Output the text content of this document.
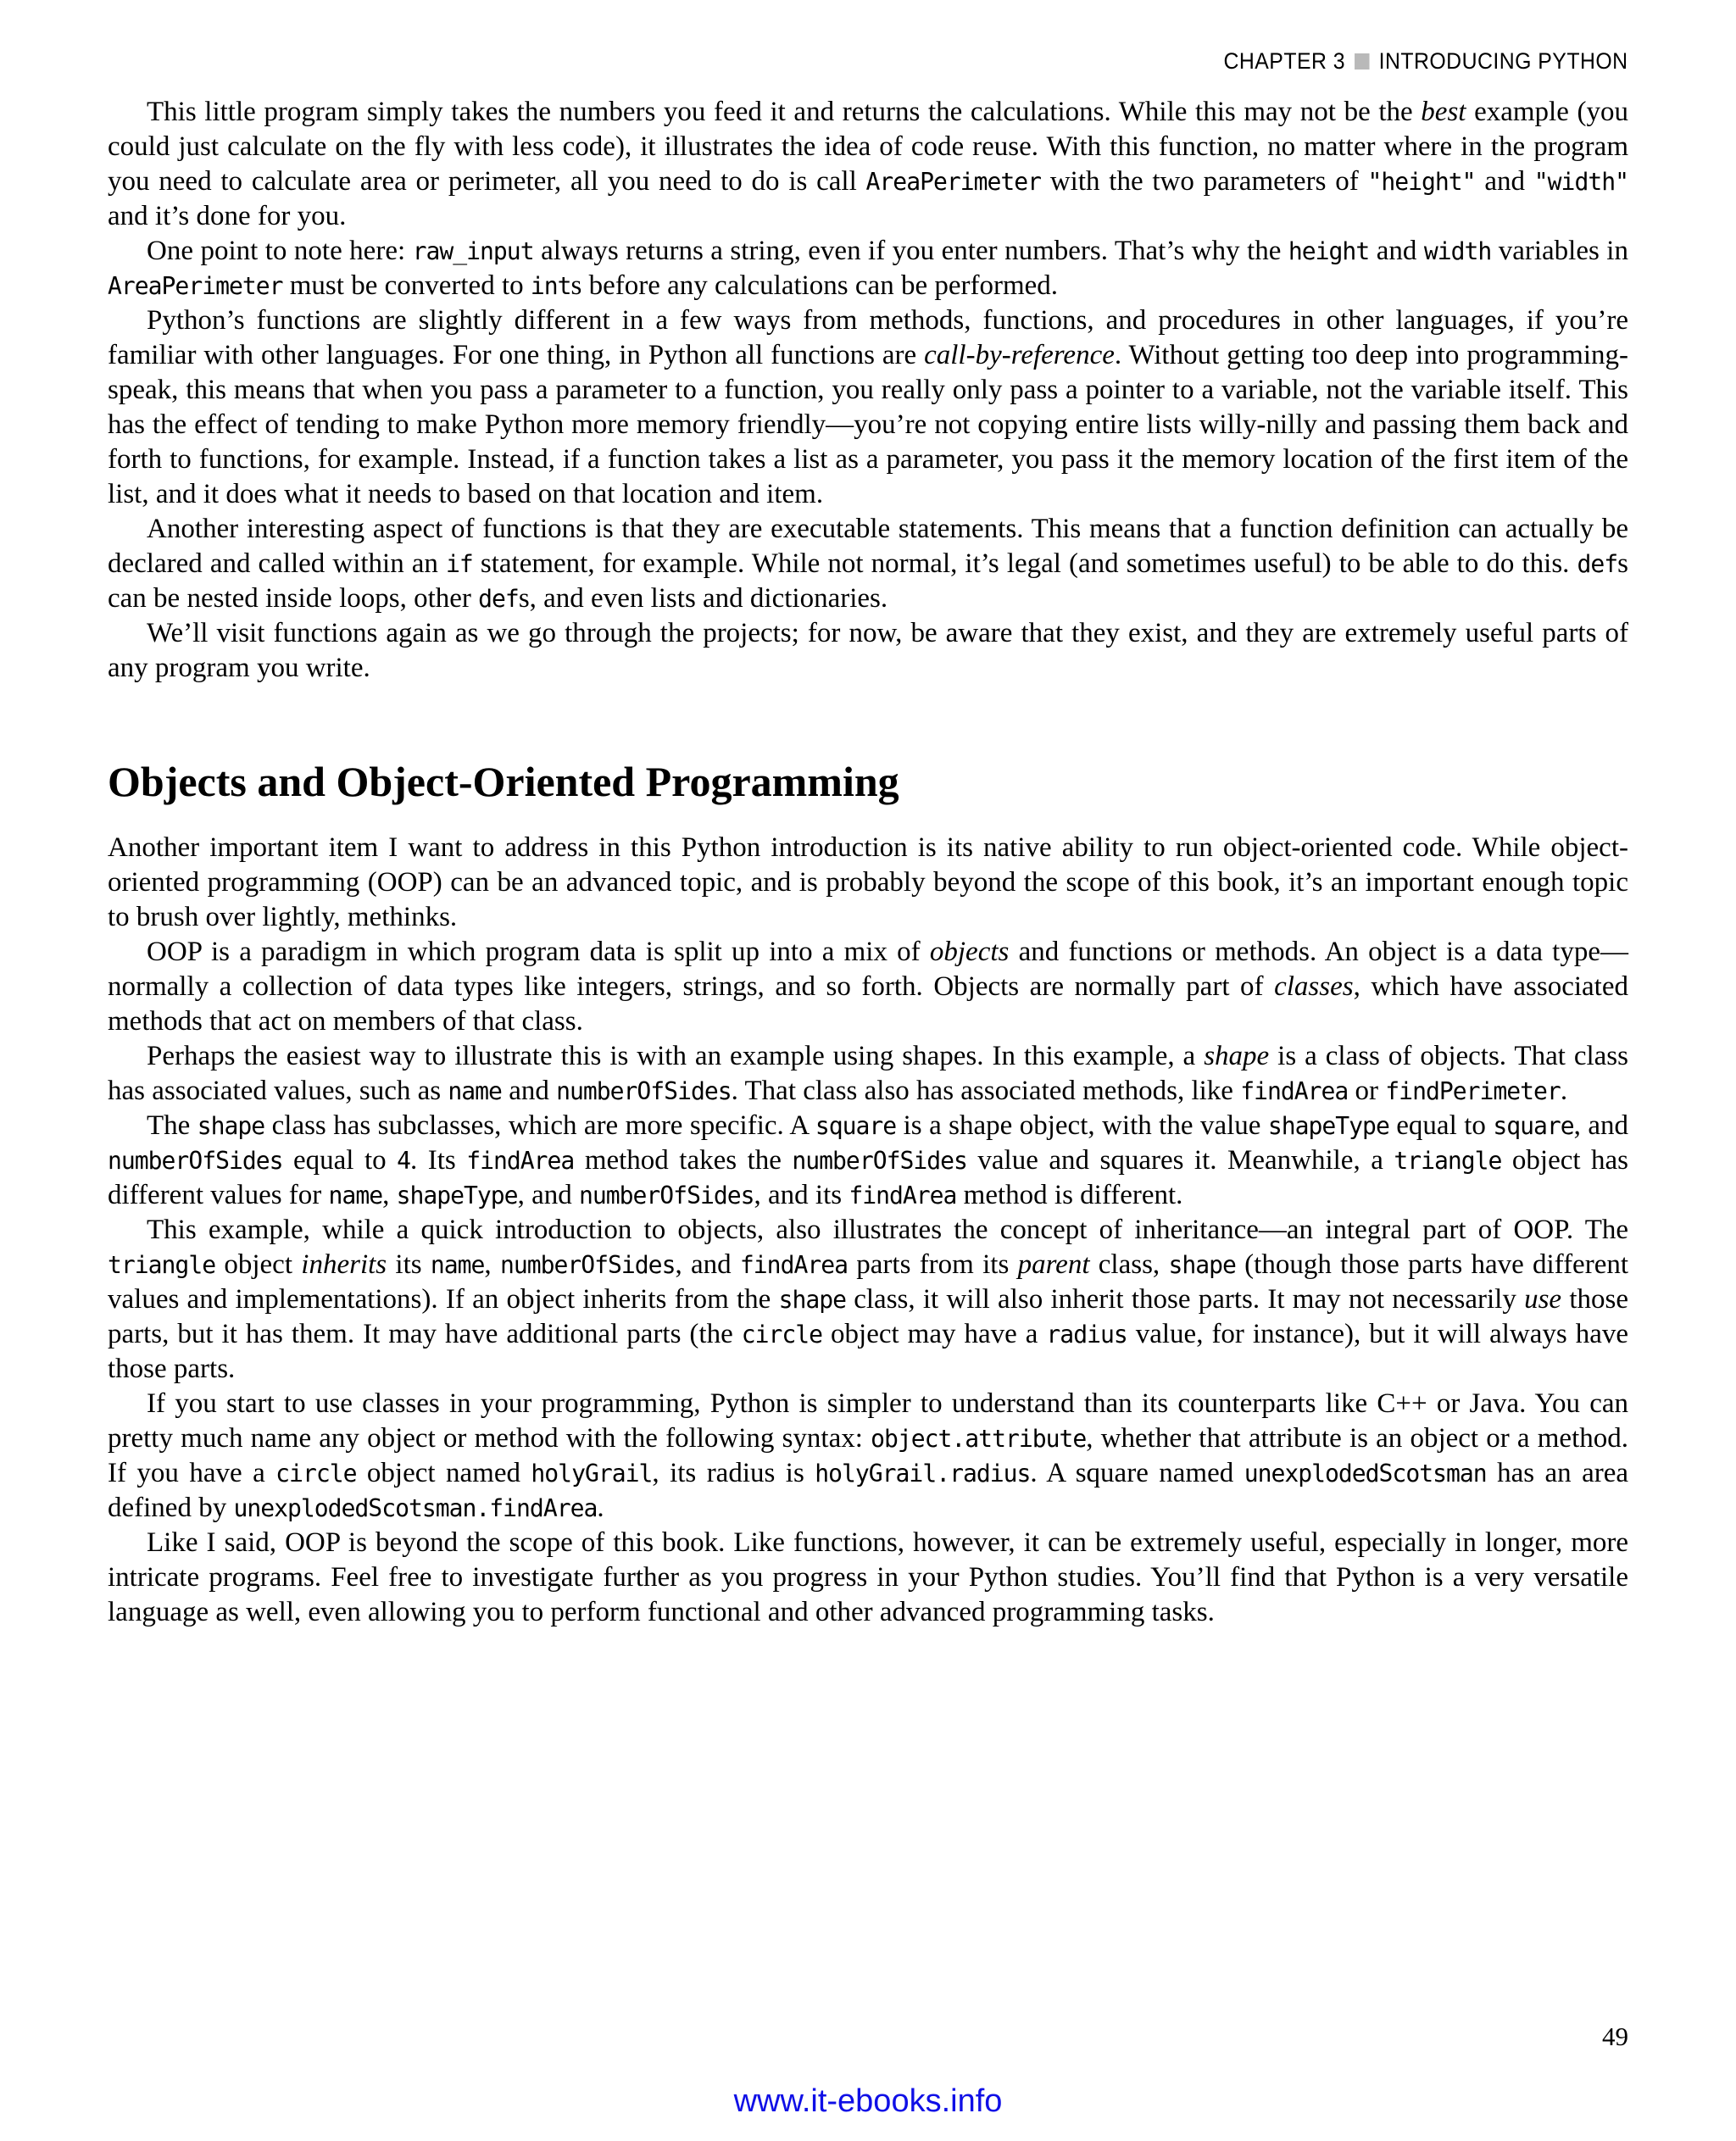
CHAPTER 3 INTRODUCING PYTHON

This little program simply takes the numbers you feed it and returns the calculations. While this may not be the best example (you could just calculate on the fly with less code), it illustrates the idea of code reuse. With this function, no matter where in the program you need to calculate area or perimeter, all you need to do is call AreaPerimeter with the two parameters of "height" and "width" and it’s done for you.

One point to note here: raw_input always returns a string, even if you enter numbers. That’s why the height and width variables in AreaPerimeter must be converted to ints before any calculations can be performed.

Python’s functions are slightly different in a few ways from methods, functions, and procedures in other languages, if you’re familiar with other languages. For one thing, in Python all functions are call-by-reference. Without getting too deep into programming-speak, this means that when you pass a parameter to a function, you really only pass a pointer to a variable, not the variable itself. This has the effect of tending to make Python more memory friendly—you’re not copying entire lists willy-nilly and passing them back and forth to functions, for example. Instead, if a function takes a list as a parameter, you pass it the memory location of the first item of the list, and it does what it needs to based on that location and item.

Another interesting aspect of functions is that they are executable statements. This means that a function definition can actually be declared and called within an if statement, for example. While not normal, it’s legal (and sometimes useful) to be able to do this. defs can be nested inside loops, other defs, and even lists and dictionaries.

We’ll visit functions again as we go through the projects; for now, be aware that they exist, and they are extremely useful parts of any program you write.

Objects and Object-Oriented Programming

Another important item I want to address in this Python introduction is its native ability to run object-oriented code. While object-oriented programming (OOP) can be an advanced topic, and is probably beyond the scope of this book, it’s an important enough topic to brush over lightly, methinks.

OOP is a paradigm in which program data is split up into a mix of objects and functions or methods. An object is a data type—normally a collection of data types like integers, strings, and so forth. Objects are normally part of classes, which have associated methods that act on members of that class.

Perhaps the easiest way to illustrate this is with an example using shapes. In this example, a shape is a class of objects. That class has associated values, such as name and numberOfSides. That class also has associated methods, like findArea or findPerimeter.

The shape class has subclasses, which are more specific. A square is a shape object, with the value shapeType equal to square, and numberOfSides equal to 4. Its findArea method takes the numberOfSides value and squares it. Meanwhile, a triangle object has different values for name, shapeType, and numberOfSides, and its findArea method is different.

This example, while a quick introduction to objects, also illustrates the concept of inheritance—an integral part of OOP. The triangle object inherits its name, numberOfSides, and findArea parts from its parent class, shape (though those parts have different values and implementations). If an object inherits from the shape class, it will also inherit those parts. It may not necessarily use those parts, but it has them. It may have additional parts (the circle object may have a radius value, for instance), but it will always have those parts.

If you start to use classes in your programming, Python is simpler to understand than its counterparts like C++ or Java. You can pretty much name any object or method with the following syntax: object.attribute, whether that attribute is an object or a method. If you have a circle object named holyGrail, its radius is holyGrail.radius. A square named unexplodedScotsman has an area defined by unexplodedScotsman.findArea.

Like I said, OOP is beyond the scope of this book. Like functions, however, it can be extremely useful, especially in longer, more intricate programs. Feel free to investigate further as you progress in your Python studies. You’ll find that Python is a very versatile language as well, even allowing you to perform functional and other advanced programming tasks.

49
www.it-ebooks.info
